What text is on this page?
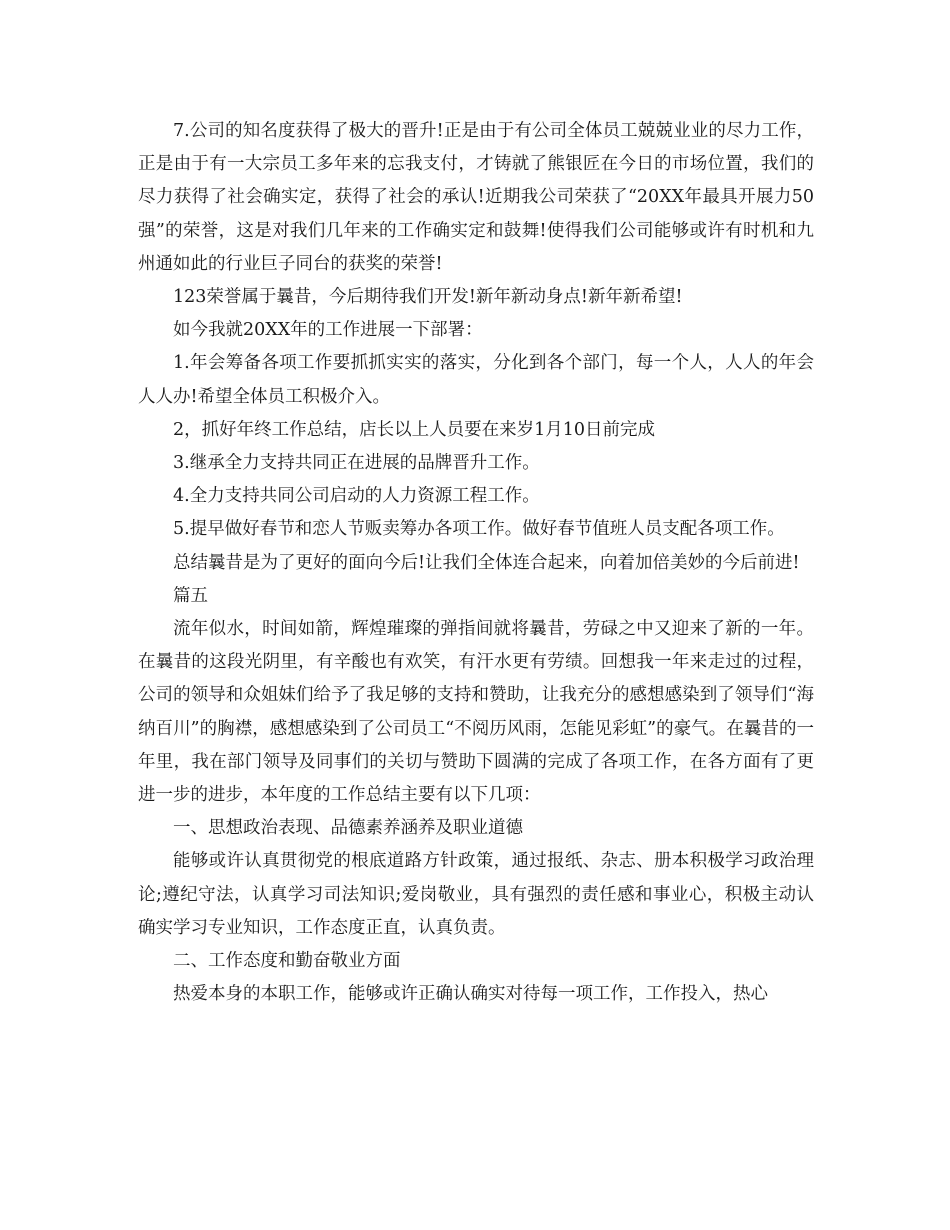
7.公司的知名度获得了极大的晋升!正是由于有公司全体员工兢兢业业的尽力工作，正是由于有一大宗员工多年来的忘我支付，才铸就了熊银匠在今日的市场位置，我们的尽力获得了社会确实定，获得了社会的承认!近期我公司荣获了“20XX年最具开展力50强”的荣誉，这是对我们几年来的工作确实定和鼓舞!使得我们公司能够或许有时机和九州通如此的行业巨子同台的获奖的荣誉!

123荣誉属于曩昔，今后期待我们开发!新年新动身点!新年新希望!

如今我就20XX年的工作进展一下部署：

1.年会筹备各项工作要抓抓实实的落实，分化到各个部门，每一个人，人人的年会人人办!希望全体员工积极介入。

2，抓好年终工作总结，店长以上人员要在来岁1月10日前完成

3.继承全力支持共同正在进展的品牌晋升工作。

4.全力支持共同公司启动的人力资源工程工作。

5.提早做好春节和恋人节贩卖筹办各项工作。做好春节值班人员支配各项工作。

总结曩昔是为了更好的面向今后!让我们全体连合起来，向着加倍美妙的今后前进!

篇五

流年似水，时间如箭，辉煌璀璨的弹指间就将曩昔，劳碌之中又迎来了新的一年。在曩昔的这段光阴里，有辛酸也有欢笑，有汗水更有劳绩。回想我一年来走过的过程，公司的领导和众姐妹们给予了我足够的支持和赞助，让我充分的感想感染到了领导们“海纳百川”的胸襟，感想感染到了公司员工“不阅历风雨，怎能见彩虹”的豪气。在曩昔的一年里，我在部门领导及同事们的关切与赞助下圆满的完成了各项工作，在各方面有了更进一步的进步，本年度的工作总结主要有以下几项：

一、思想政治表现、品德素养涵养及职业道德

能够或许认真贯彻党的根底道路方针政策，通过报纸、杂志、册本积极学习政治理论;遵纪守法，认真学习司法知识;爱岗敬业，具有强烈的责任感和事业心，积极主动认确实学习专业知识，工作态度正直，认真负责。

二、工作态度和勤奋敬业方面

热爱本身的本职工作，能够或许正确认确实对待每一项工作，工作投入，热心
